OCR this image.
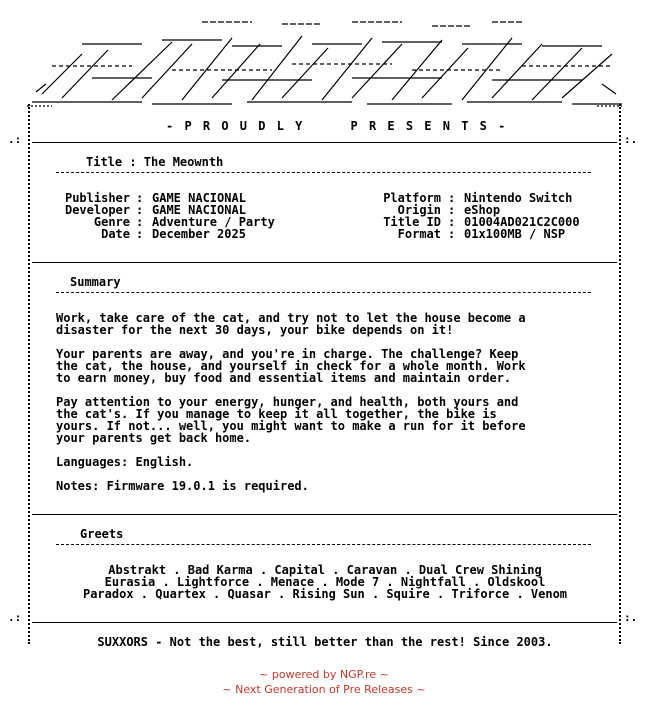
- P R O U D L Y     P R E S E N T S -
.:	:.
.:	:.
Title : The Meownth
Publisher : GAME NACIONAL
Developer : GAME NACIONAL
Genre : Adventure / Party
Date : December 2025
Platform : Nintendo Switch
Origin : eShop
Title ID : 01004AD021C2C000
Format : 01x100MB / NSP
Summary
Work, take care of the cat, and try not to let the house become a
disaster for the next 30 days, your bike depends on it!
Your parents are away, and you're in charge. The challenge? Keep
the cat, the house, and yourself in check for a whole month. Work
to earn money, buy food and essential items and maintain order.
Pay attention to your energy, hunger, and health, both yours and
the cat's. If you manage to keep it all together, the bike is
yours. If not... well, you might want to make a run for it before
your parents get back home.
Languages: English.
Notes: Firmware 19.0.1 is required.
Greets
Abstrakt . Bad Karma . Capital . Caravan . Dual Crew Shining
Eurasia . Lightforce . Menace . Mode 7 . Nightfall . Oldskool
Paradox . Quartex . Quasar . Rising Sun . Squire . Triforce . Venom
SUXXORS - Not the best, still better than the rest! Since 2003.
~ powered by NGP.re ~
~ Next Generation of Pre Releases ~
